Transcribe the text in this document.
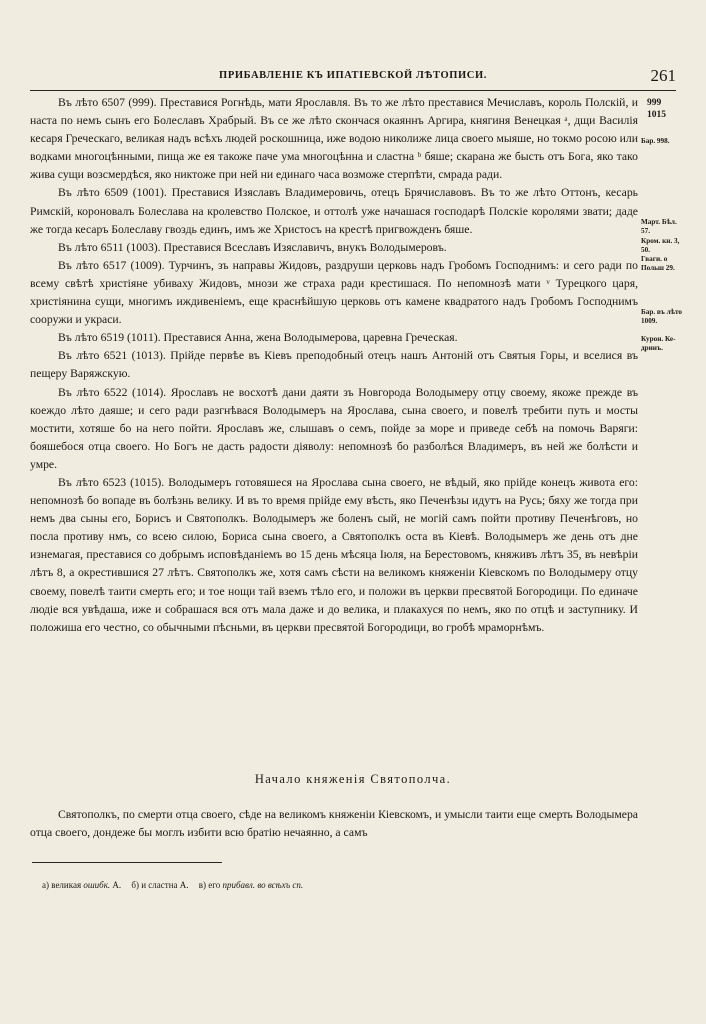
ПРИБАВЛЕНІЕ КЪ ИПАТІЕВСКОЙ ЛѢТОПИСИ.	261

Въ лѣто 6507 (999). Преставися Рогнѣдь, мати Ярославля. Въ то же лѣто преставися Мечиславъ, король Полскій, и наста по немъ сынъ его Болеславъ Храбрый. Въ се же лѣто скончася окаяннъ Аргира, княгиня Венецкая ᵃ, дщи Василія кесаря Греческаго, великая надъ всѣхъ людей роскошница, иже водою николиже лица своего мыяше, но токмо росою или водками многоцѣнными, пища же ея такоже паче ума многоцѣнна и сластна ᵇ бяше; скарана же бысть отъ Бога, яко тако жива сущи возсмердѣся, яко никтоже при ней ни единаго часа возможе стерпѣти, смрада ради.

Въ лѣто 6509 (1001). Преставися Изяславъ Владимеровичь, отецъ Брячиславовъ. Въ то же лѣто Оттонъ, кесарь Римскій, короновалъ Болеслава на кролевство Полское, и оттолѣ уже начашася господарѣ Полскіе королями звати; даде же тогда кесаръ Болеславу гвоздь единъ, имъ же Христосъ на крестѣ пригвожденъ бяше.

Въ лѣто 6511 (1003). Преставися Всеславъ Изяславичъ, внукъ Володымеровъ.

Въ лѣто 6517 (1009). Турчинъ, зъ направы Жидовъ, раздруши церковь надъ Гробомъ Господнимъ: и сего ради по всему свѣтѣ христіяне убиваху Жидовъ, мнози же страха ради крестишася. По непомнозѣ мати ᵛ Турецкого царя, христіянина сущи, многимъ иждивеніемъ, еще краснѣйшую церковь отъ камене квадратого надъ Гробомъ Господнимъ сооружи и украси.

Въ лѣто 6519 (1011). Преставися Анна, жена Володымерова, царевна Греческая.

Въ лѣто 6521 (1013). Прійде первѣе въ Кіевъ преподобный отецъ нашъ Антоній отъ Святыя Горы, и вселися въ пещеру Варяжскую.

Въ лѣто 6522 (1014). Ярославъ не восхотѣ дани даяти зъ Новгорода Володымеру отцу своему, якоже прежде въ коеждо лѣто даяше; и сего ради разгнѣвася Володымеръ на Ярослава, сына своего, и повелѣ требити путь и мосты мостити, хотяше бо на него пойти. Ярославъ же, слышавъ о семъ, пойде за море и приведе себѣ на помочь Варяги: бояшебося отца своего. Но Богъ не дасть радости діяволу: непомнозѣ бо разболѣся Владимеръ, въ ней же болѣсти и умре.

Въ лѣто 6523 (1015). Володымеръ готовяшеся на Ярослава сына своего, не вѣдый, яко прійде конецъ живота его: непомнозѣ бо вопаде въ болѣзнь велику. И въ то время прійде ему вѣсть, яко Печенѣзы идутъ на Русь; бяху же тогда при немъ два сыны его, Борисъ и Святополкъ. Володымеръ же боленъ сый, не могій самъ пойти противу Печенѣговъ, но посла противу нмъ, со всею силою, Бориса сына своего, а Святополкъ оста въ Кіевѣ. Володымеръ же день отъ дне изнемагая, преставися со добрымъ исповѣданіемъ во 15 день мѣсяца Іюля, на Берестовомъ, княживъ лѣтъ 35, въ невѣріи лѣтъ 8, а окрестившися 27 лѣтъ. Святополкъ же, хотя самъ сѣсти на великомъ княженіи Кіевскомъ по Володымеру отцу своему, повелѣ таити смерть его; и тое нощи тай вземъ тѣло его, и положи въ церкви пресвятой Богородици. По единаче людіе вся увѣдаша, иже и собрашася вся отъ мала даже и до велика, и плакахуся по немъ, яко по отцѣ и заступнику. И положиша его честно, со обычными пѣсньми, въ церкви пресвятой Богородици, во гробѣ мраморнѣмъ.

999
1015
Бар. 998.
Март. Бѣл. 57.
Кром. кн. 3, 50.
Гваги. о Польш 29.
Бар. въ лѣто 1009.
Курон. Ке-дринъ.
Начало княженія Святополча.

Святополкъ, по смерти отца своего, сѣде на великомъ княженіи Кіевскомъ, и умысли таити еще смерть Володымера отца своего, дондеже бы моглъ избити всю братію нечаянно, а самъ

а) великая ошибк. А. б) и сластна А. в) его прибавл. во всѣхъ сп.
